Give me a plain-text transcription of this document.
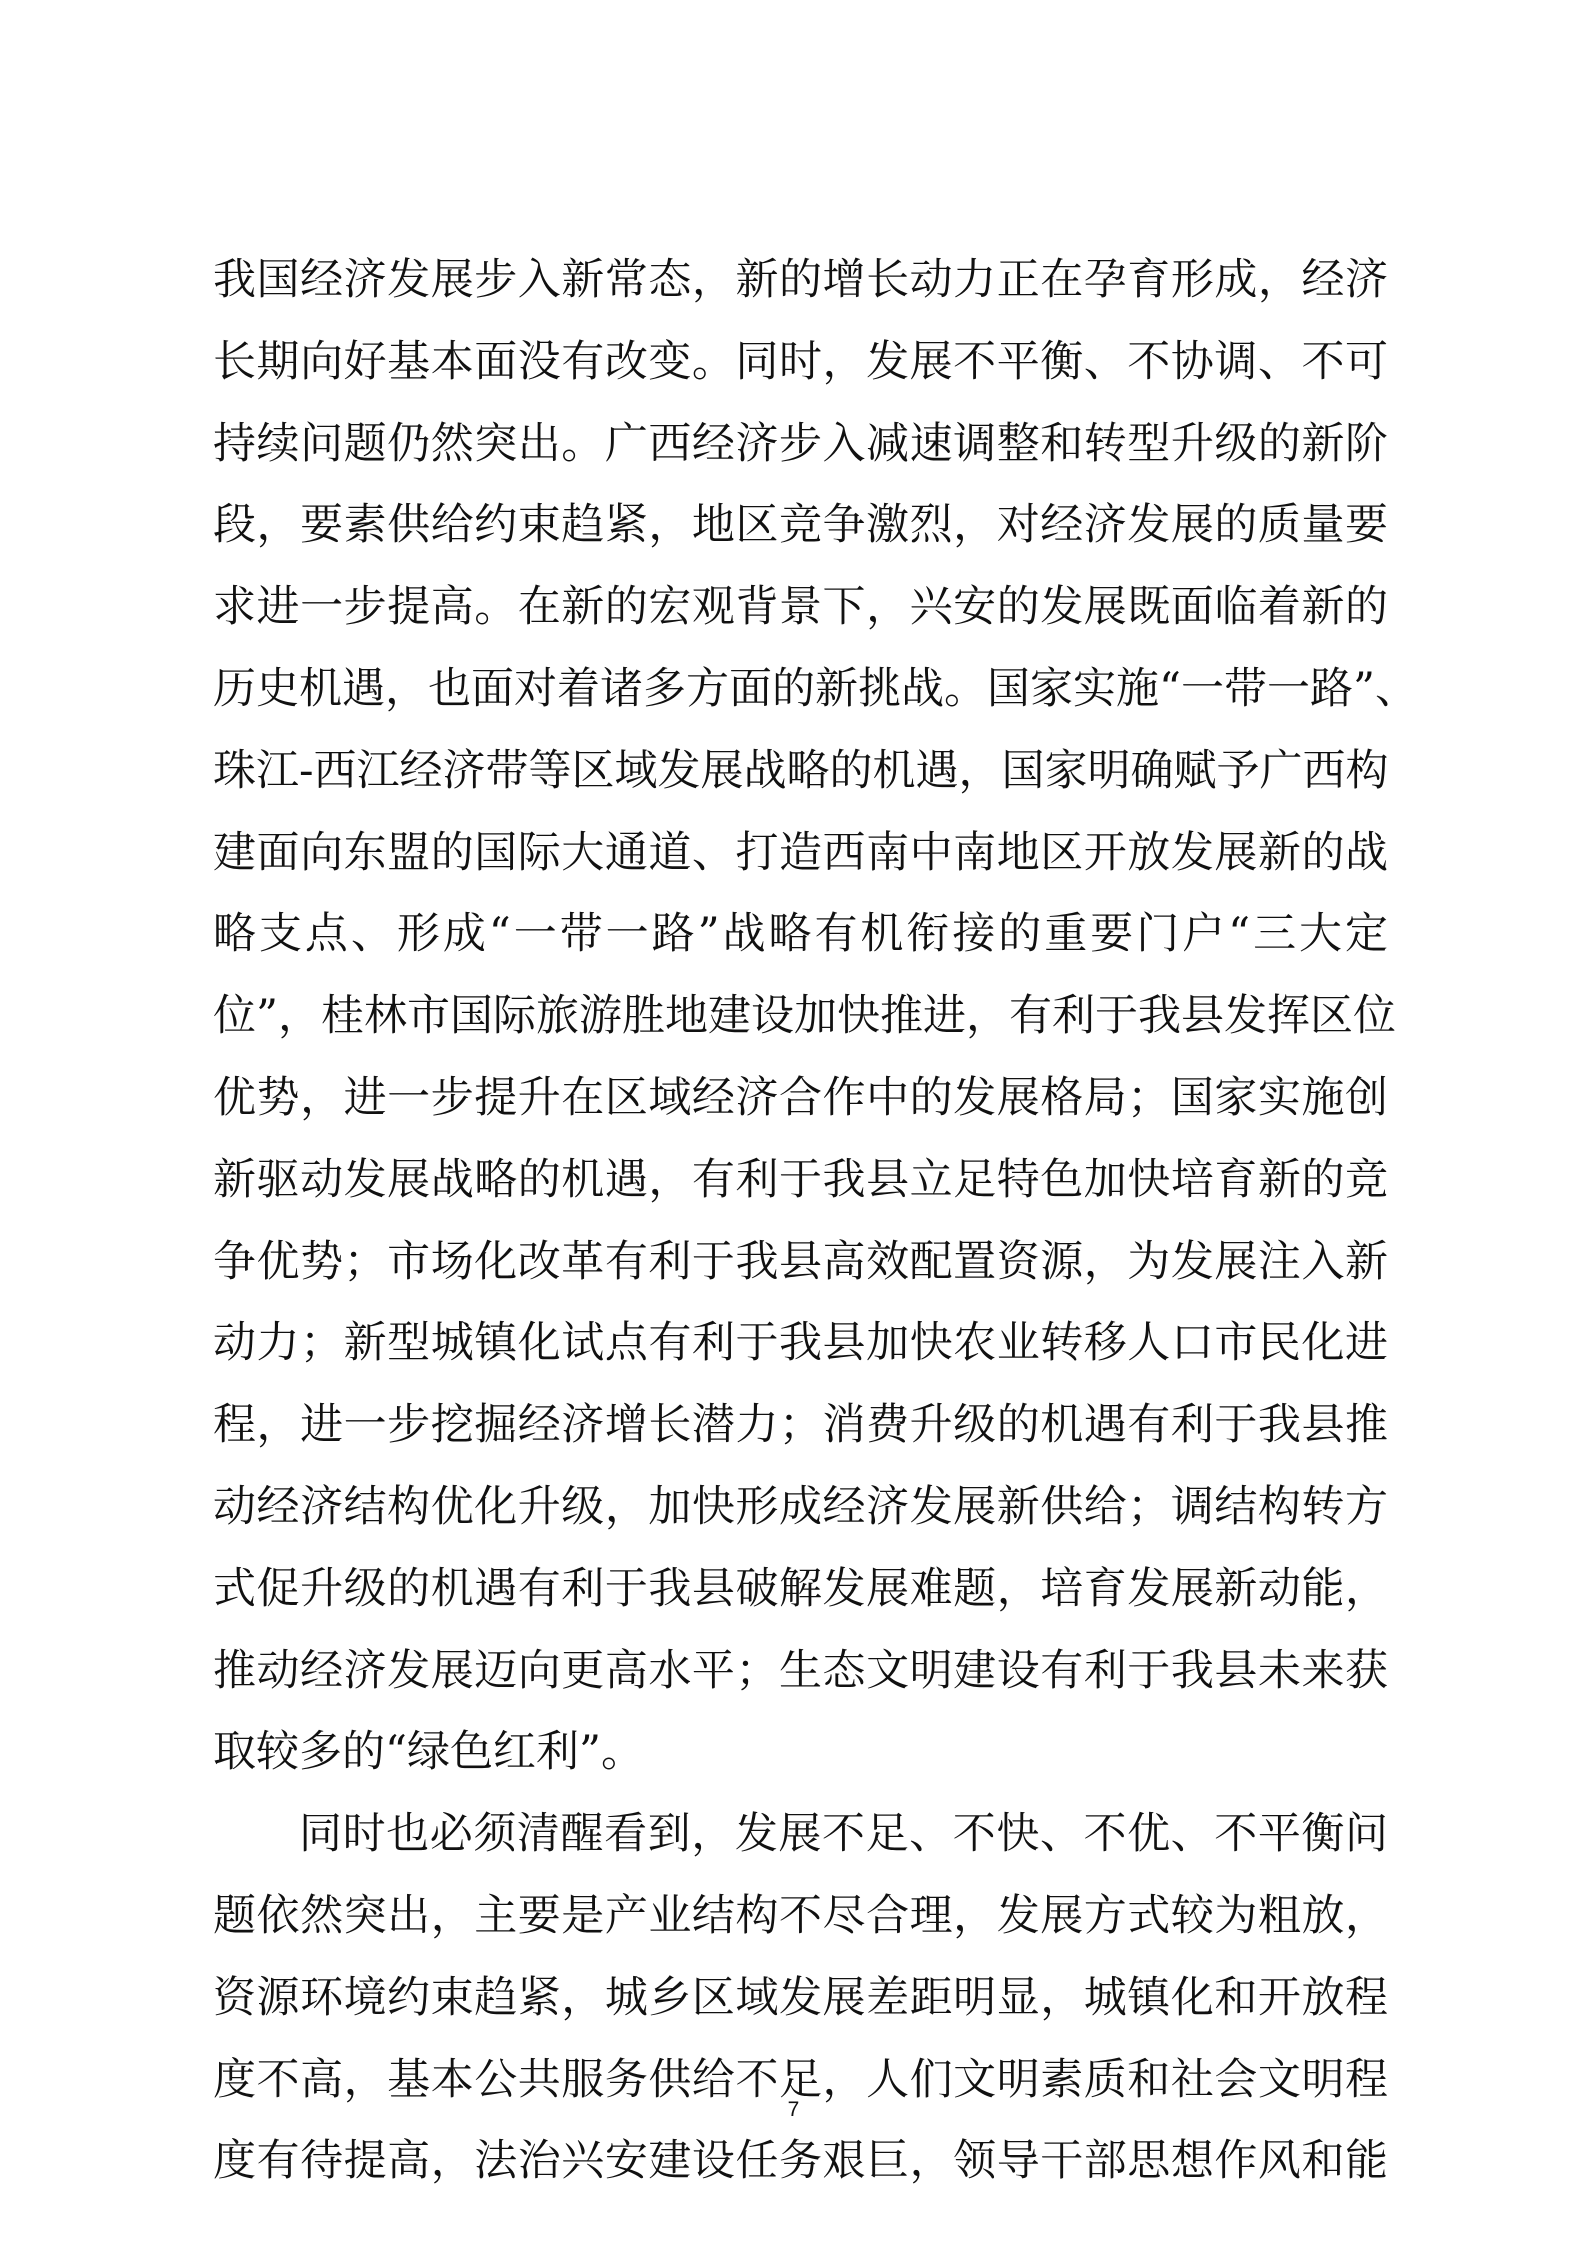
我国经济发展步入新常态，新的增长动力正在孕育形成，经济
长期向好基本面没有改变。同时，发展不平衡、不协调、不可
持续问题仍然突出。广西经济步入减速调整和转型升级的新阶
段，要素供给约束趋紧，地区竞争激烈，对经济发展的质量要
求进一步提高。在新的宏观背景下，兴安的发展既面临着新的
历史机遇，也面对着诸多方面的新挑战。国家实施“一带一路”、
珠江-西江经济带等区域发展战略的机遇，国家明确赋予广西构
建面向东盟的国际大通道、打造西南中南地区开放发展新的战
略支点、形成“一带一路”战略有机衔接的重要门户“三大定
位”，桂林市国际旅游胜地建设加快推进，有利于我县发挥区位
优势，进一步提升在区域经济合作中的发展格局；国家实施创
新驱动发展战略的机遇，有利于我县立足特色加快培育新的竞
争优势；市场化改革有利于我县高效配置资源，为发展注入新
动力；新型城镇化试点有利于我县加快农业转移人口市民化进
程，进一步挖掘经济增长潜力；消费升级的机遇有利于我县推
动经济结构优化升级，加快形成经济发展新供给；调结构转方
式促升级的机遇有利于我县破解发展难题，培育发展新动能，
推动经济发展迈向更高水平；生态文明建设有利于我县未来获
取较多的“绿色红利”。
同时也必须清醒看到，发展不足、不快、不优、不平衡问
题依然突出，主要是产业结构不尽合理，发展方式较为粗放，
资源环境约束趋紧，城乡区域发展差距明显，城镇化和开放程
度不高，基本公共服务供给不足，人们文明素质和社会文明程
度有待提高，法治兴安建设任务艰巨，领导干部思想作风和能
7
